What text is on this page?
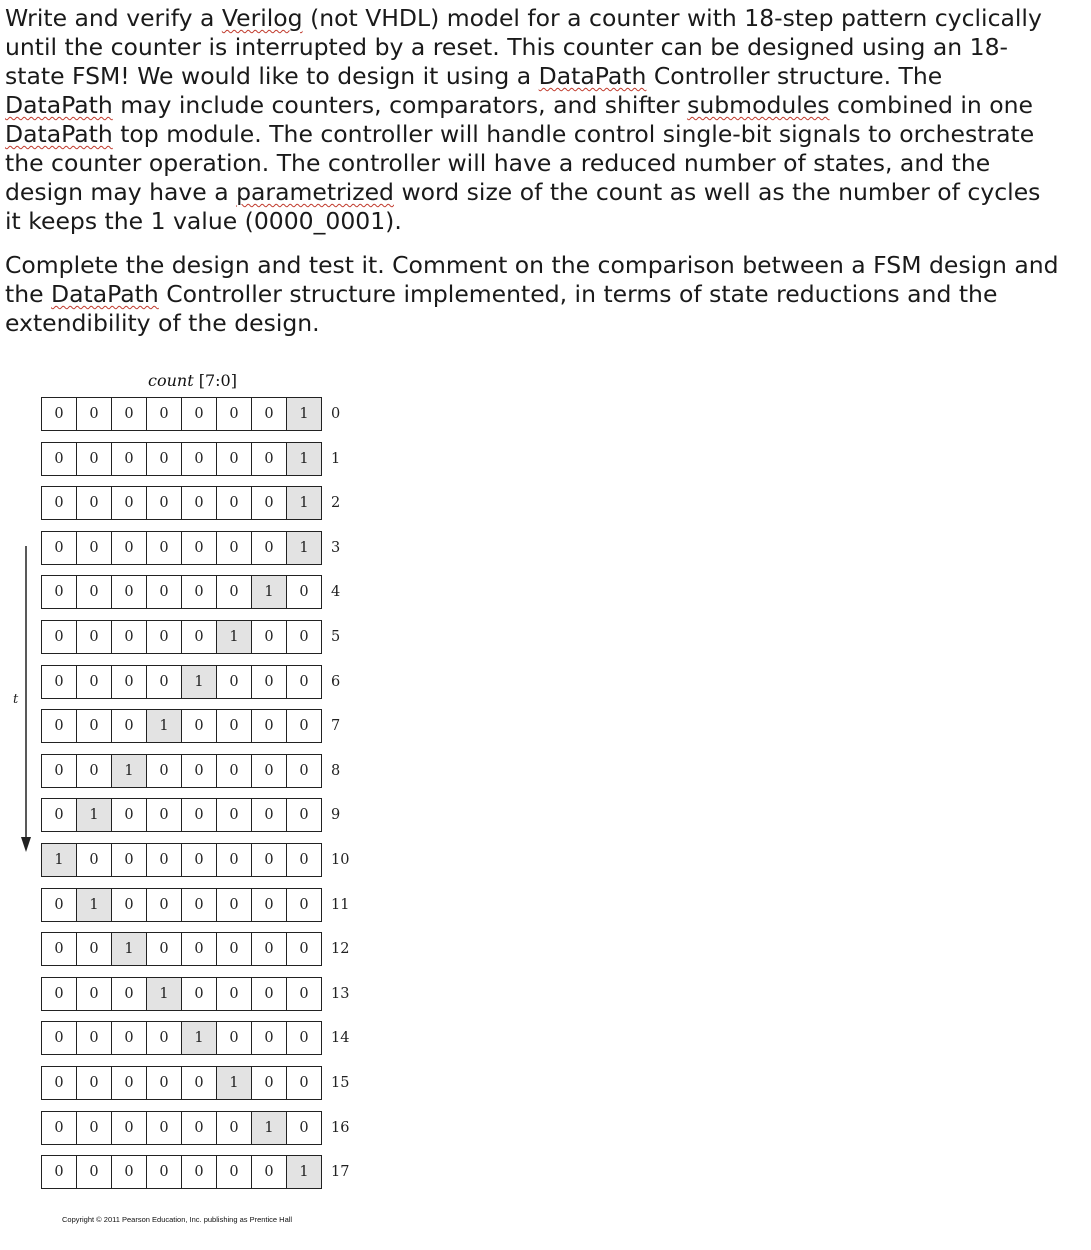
Write and verify a Verilog (not VHDL) model for a counter with 18-step pattern cyclically
until the counter is interrupted by a reset. This counter can be designed using an 18-
state FSM! We would like to design it using a DataPath Controller structure. The
DataPath may include counters, comparators, and shifter submodules combined in one
DataPath top module. The controller will handle control single-bit signals to orchestrate
the counter operation. The controller will have a reduced number of states, and the
design may have a parametrized word size of the count as well as the number of cycles
it keeps the 1 value (0000_0001).

Complete the design and test it. Comment on the comparison between a FSM design and
the DataPath Controller structure implemented, in terms of state reductions and the
extendibility of the design.

count [7:0]
t
0	0	0	0	0	0	0	1	0
0	0	0	0	0	0	0	1	1
0	0	0	0	0	0	0	1	2
0	0	0	0	0	0	0	1	3
0	0	0	0	0	0	1	0	4
0	0	0	0	0	1	0	0	5
0	0	0	0	1	0	0	0	6
0	0	0	1	0	0	0	0	7
0	0	1	0	0	0	0	0	8
0	1	0	0	0	0	0	0	9
1	0	0	0	0	0	0	0	10
0	1	0	0	0	0	0	0	11
0	0	1	0	0	0	0	0	12
0	0	0	1	0	0	0	0	13
0	0	0	0	1	0	0	0	14
0	0	0	0	0	1	0	0	15
0	0	0	0	0	0	1	0	16
0	0	0	0	0	0	0	1	17
Copyright © 2011 Pearson Education, Inc. publishing as Prentice Hall
